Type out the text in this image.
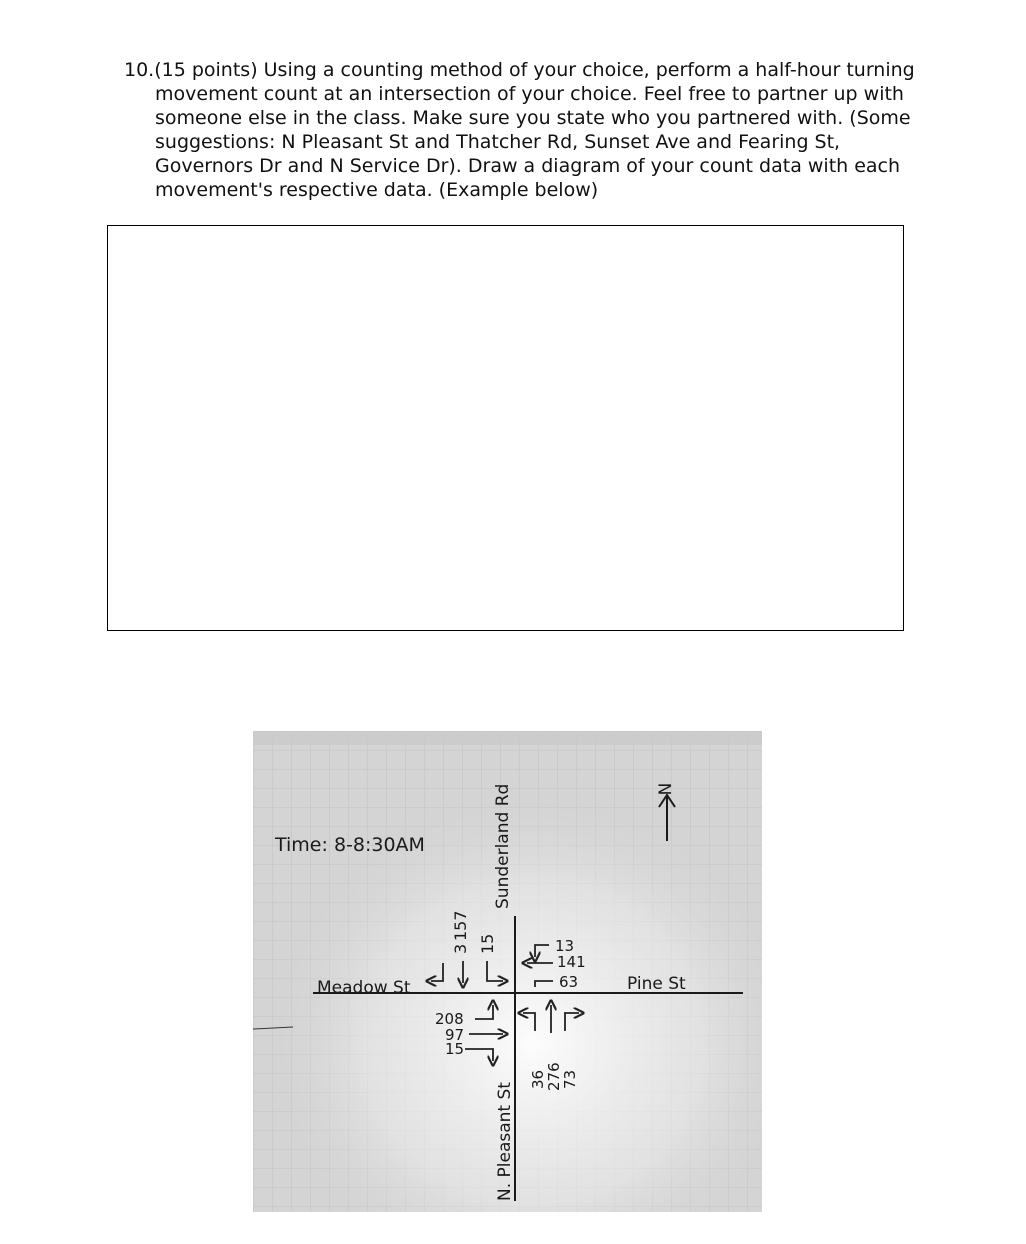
10.(15 points) Using a counting method of your choice, perform a half-hour turning movement count at an intersection of your choice. Feel free to partner up with someone else in the class. Make sure you state who you partnered with. (Some suggestions: N Pleasant St and Thatcher Rd, Sunset Ave and Fearing St, Governors Dr and N Service Dr). Draw a diagram of your count data with each movement's respective data. (Example below)
Time: 8-8:30AM
N
Meadow St	Pine St
Sunderland Rd
N. Pleasant St
3
157
15	13
141
63
208
97
15
36
276
73
